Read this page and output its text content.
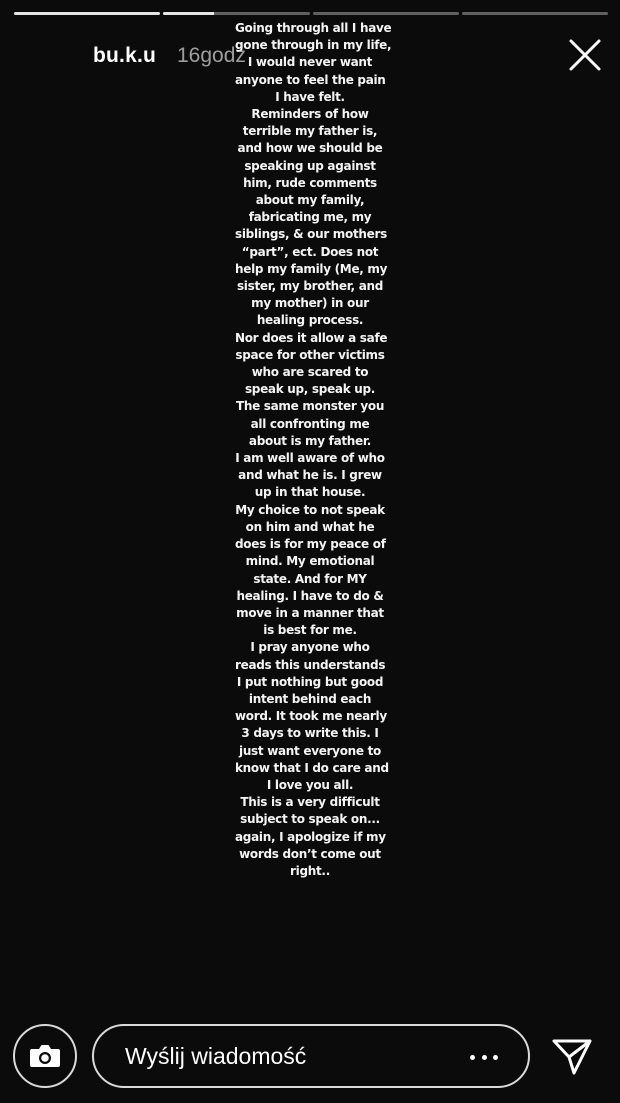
bu.k.u 16godz
Going through all I have
gone through in my life,
I would never want
anyone to feel the pain
I have felt.
Reminders of how
terrible my father is,
and how we should be
speaking up against
him, rude comments
about my family,
fabricating me, my
siblings, & our mothers
“part”, ect. Does not
help my family (Me, my
sister, my brother, and
my mother) in our
healing process.
Nor does it allow a safe
space for other victims
who are scared to
speak up, speak up.
The same monster you
all confronting me
about is my father.
I am well aware of who
and what he is. I grew
up in that house.
My choice to not speak
on him and what he
does is for my peace of
mind. My emotional
state. And for MY
healing. I have to do &
move in a manner that
is best for me.
I pray anyone who
reads this understands
I put nothing but good
intent behind each
word. It took me nearly
3 days to write this. I
just want everyone to
know that I do care and
I love you all.
This is a very difficult
subject to speak on...
again, I apologize if my
words don’t come out
right..
Wyślij wiadomość
